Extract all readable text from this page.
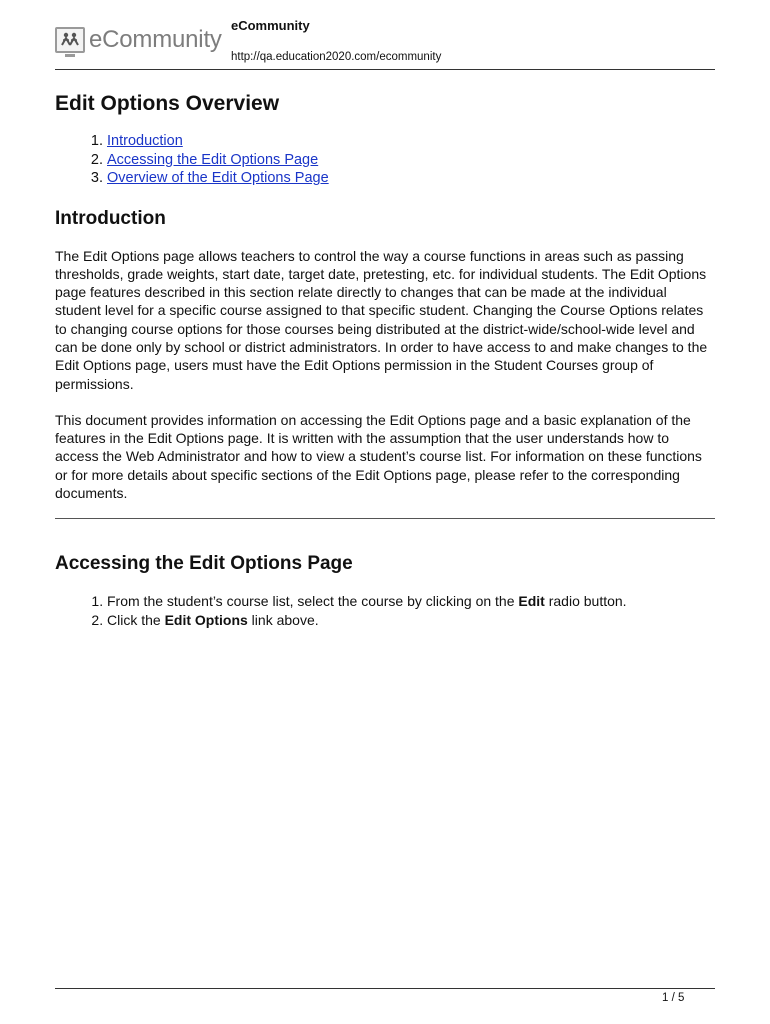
eCommunity
eCommunity
http://qa.education2020.com/ecommunity
Edit Options Overview
1. Introduction
2. Accessing the Edit Options Page
3. Overview of the Edit Options Page
Introduction

The Edit Options page allows teachers to control the way a course functions in areas such as passing thresholds, grade weights, start date, target date, pretesting, etc. for individual students. The Edit Options page features described in this section relate directly to changes that can be made at the individual student level for a specific course assigned to that specific student. Changing the Course Options relates to changing course options for those courses being distributed at the district-wide/school-wide level and can be done only by school or district administrators. In order to have access to and make changes to the Edit Options page, users must have the Edit Options permission in the Student Courses group of permissions.

This document provides information on accessing the Edit Options page and a basic explanation of the features in the Edit Options page. It is written with the assumption that the user understands how to access the Web Administrator and how to view a student’s course list. For information on these functions or for more details about specific sections of the Edit Options page, please refer to the corresponding documents.

Accessing the Edit Options Page
1. From the student’s course list, select the course by clicking on the Edit radio button.
2. Click the Edit Options link above.
1 / 5
